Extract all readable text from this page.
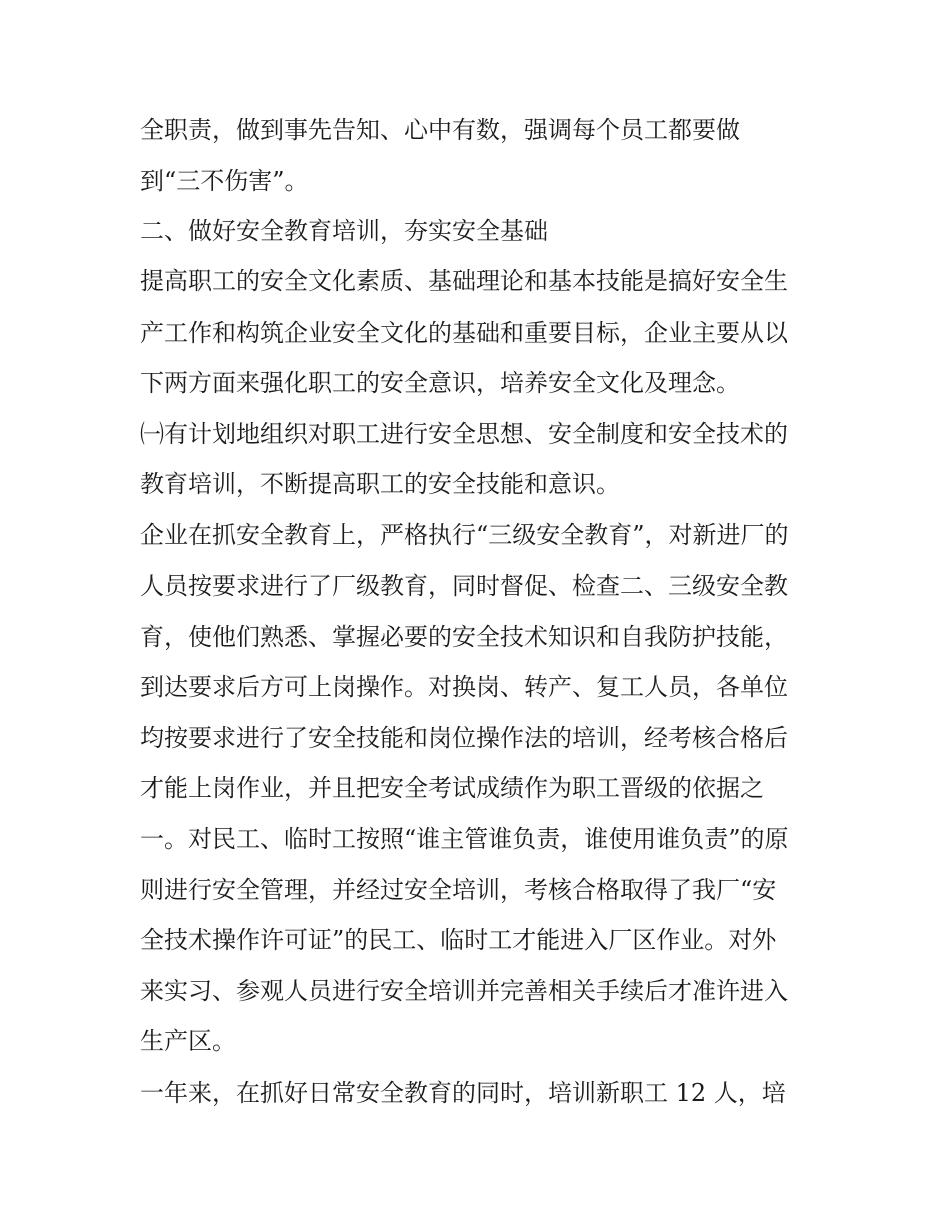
全职责，做到事先告知、心中有数，强调每个员工都要做
到“三不伤害”。
二、做好安全教育培训，夯实安全基础
提高职工的安全文化素质、基础理论和基本技能是搞好安全生
产工作和构筑企业安全文化的基础和重要目标，企业主要从以
下两方面来强化职工的安全意识，培养安全文化及理念。
㈠有计划地组织对职工进行安全思想、安全制度和安全技术的
教育培训，不断提高职工的安全技能和意识。
企业在抓安全教育上，严格执行“三级安全教育”，对新进厂的
人员按要求进行了厂级教育，同时督促、检查二、三级安全教
育，使他们熟悉、掌握必要的安全技术知识和自我防护技能，
到达要求后方可上岗操作。对换岗、转产、复工人员，各单位
均按要求进行了安全技能和岗位操作法的培训，经考核合格后
才能上岗作业，并且把安全考试成绩作为职工晋级的依据之
一。对民工、临时工按照“谁主管谁负责，谁使用谁负责”的原
则进行安全管理，并经过安全培训，考核合格取得了我厂“安
全技术操作许可证”的民工、临时工才能进入厂区作业。对外
来实习、参观人员进行安全培训并完善相关手续后才准许进入
生产区。
一年来，在抓好日常安全教育的同时，培训新职工 12 人，培
